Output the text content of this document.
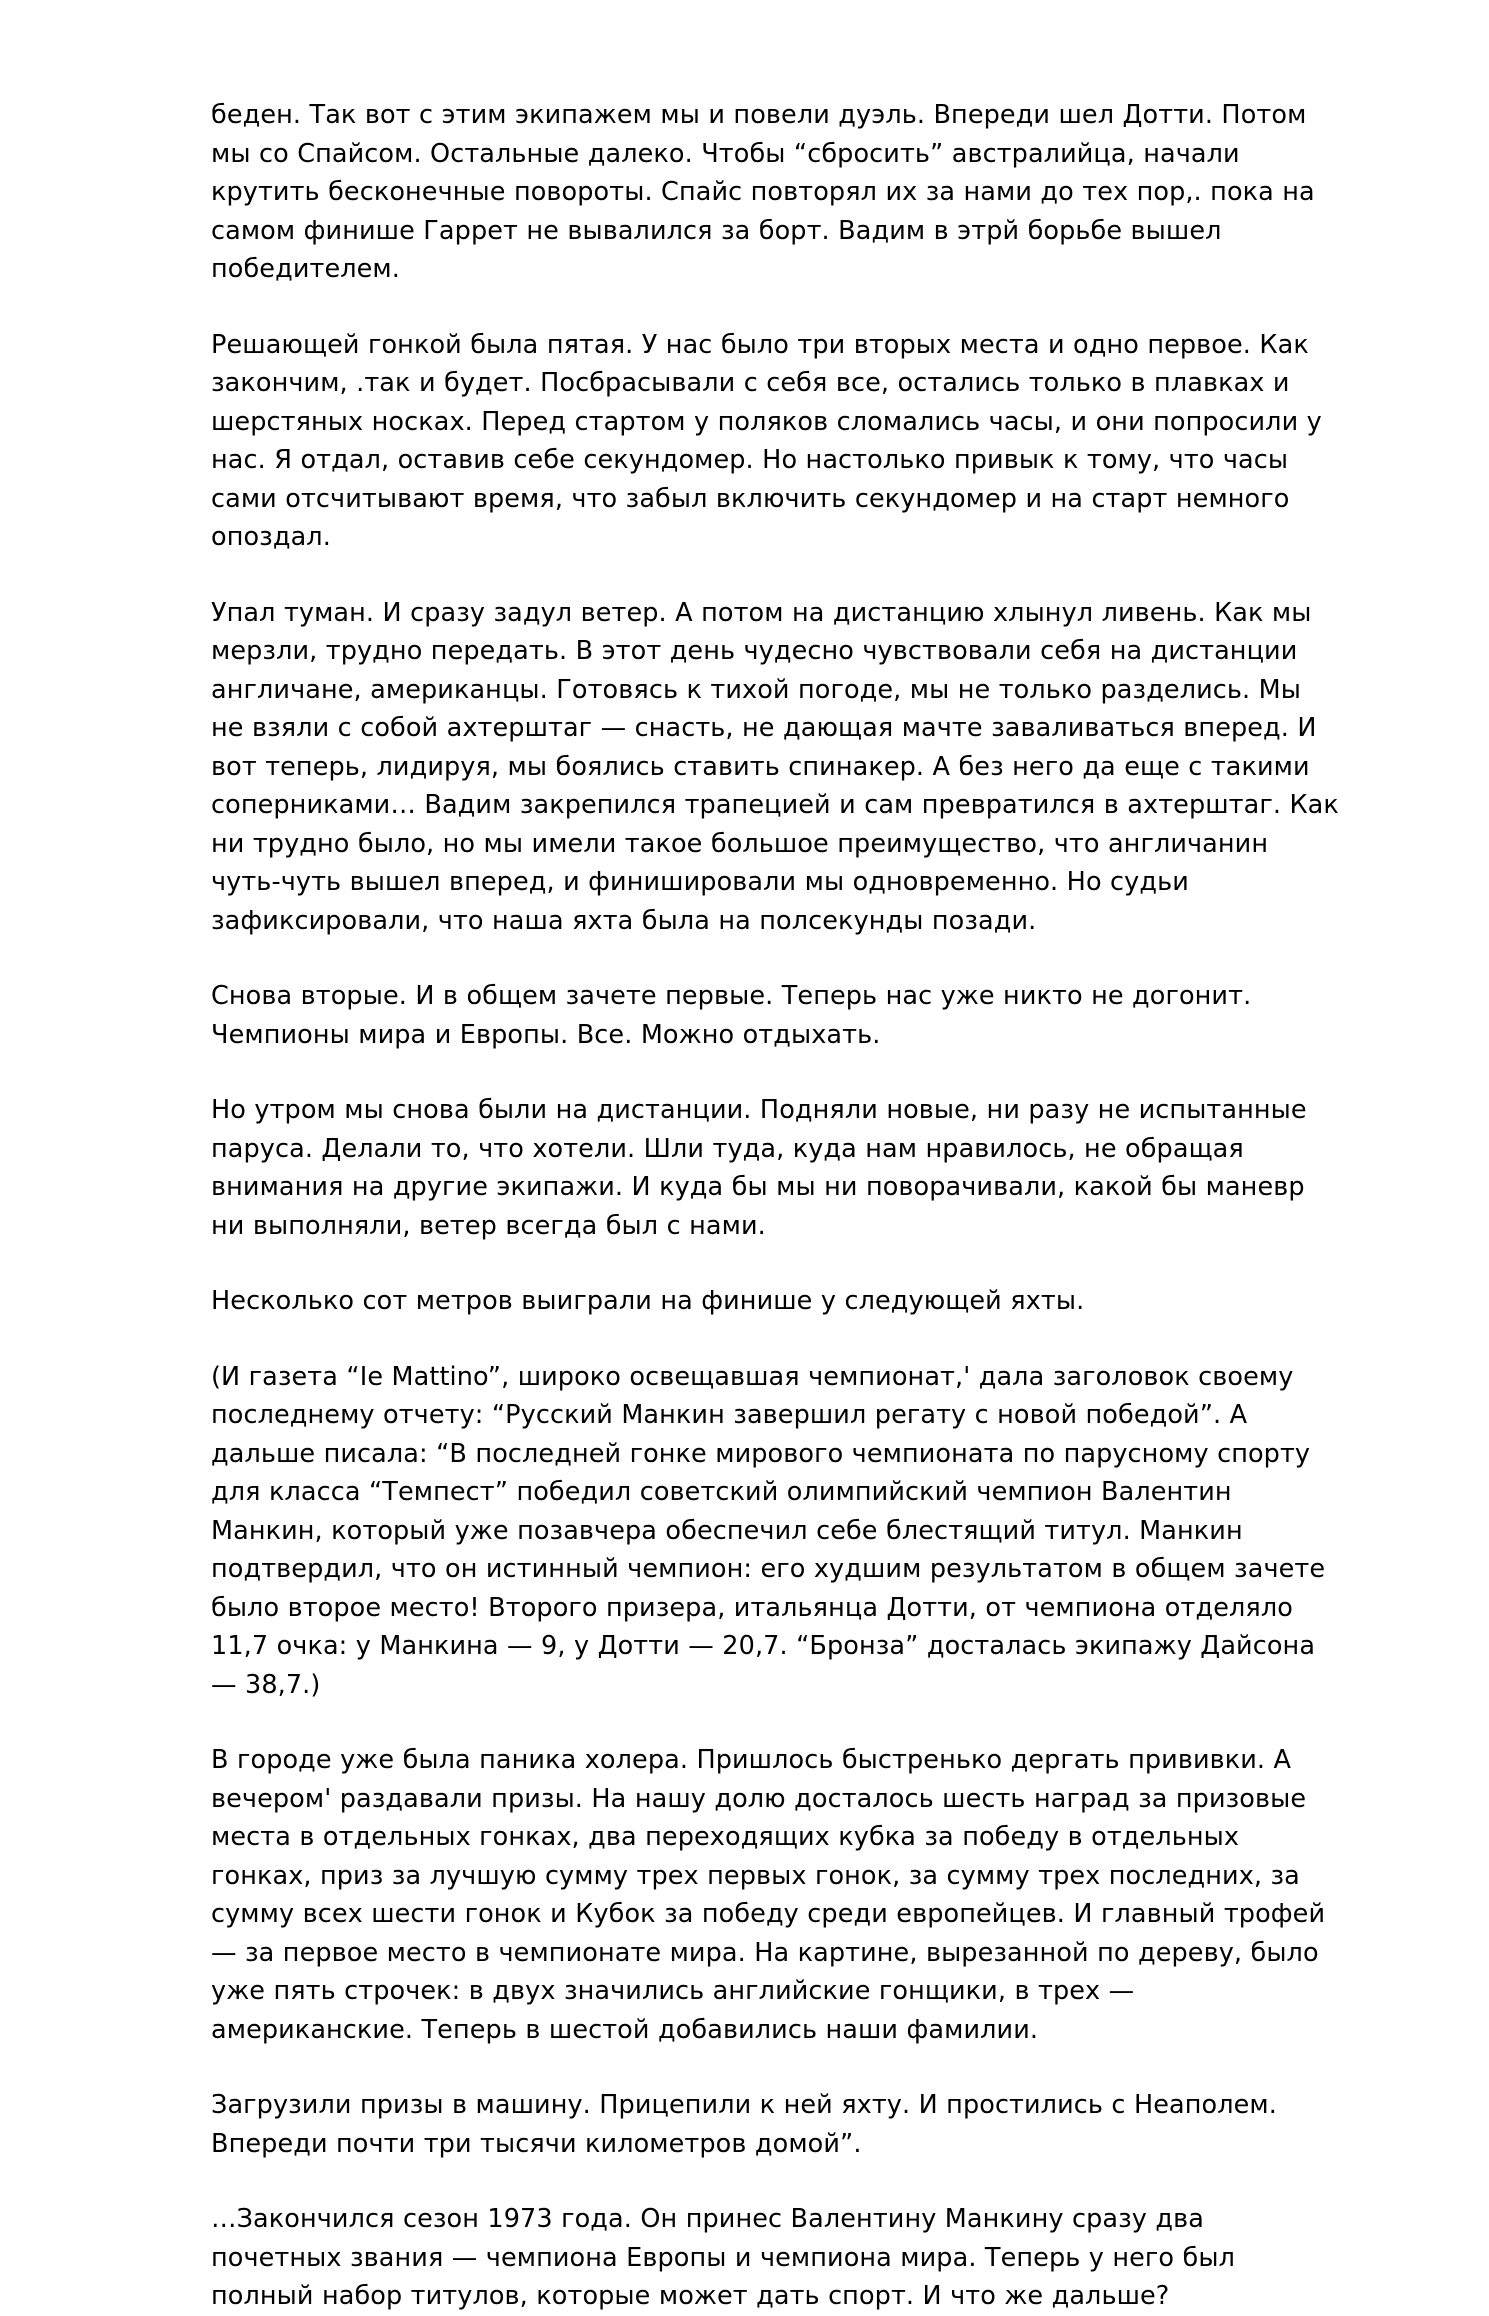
беден. Так вот с этим экипажем мы и повели дуэль. Впереди шел Дотти. Потом мы со Спайсом. Остальные далеко. Чтобы “сбросить” австралийца, начали крутить бесконечные повороты. Спайс повторял их за нами до тех пор,. пока на самом финише Гаррет не вывалился за борт. Вадим в этрй борьбе вышел победителем.

Решающей гонкой была пятая. У нас было три вторых места и одно первое. Как закончим, .так и будет. Посбрасывали с себя все, остались только в плавках и шерстяных носках. Перед стартом у поляков сломались часы, и они попросили у нас. Я отдал, оставив себе секундомер. Но настолько привык к тому, что часы сами отсчитывают время, что забыл включить секундомер и на старт немного опоздал.

Упал туман. И сразу задул ветер. А потом на дистанцию хлынул ливень. Как мы мерзли, трудно передать. В этот день чудесно чувствовали себя на дистанции англичане, американцы. Готовясь к тихой погоде, мы не только разделись. Мы не взяли с собой ахтерштаг — снасть, не дающая мачте заваливаться вперед. И вот теперь, лидируя, мы боялись ставить спинакер. А без него да еще с такими соперниками… Вадим закрепился трапецией и сам превратился в ахтерштаг. Как ни трудно было, но мы имели такое большое преимущество, что англичанин чуть-чуть вышел вперед, и финишировали мы одновременно. Но судьи зафиксировали, что наша яхта была на полсекунды позади.

Снова вторые. И в общем зачете первые. Теперь нас уже никто не догонит. Чемпионы мира и Европы. Все. Можно отдыхать.

Но утром мы снова были на дистанции. Подняли новые, ни разу не испытанные паруса. Делали то, что хотели. Шли туда, куда нам нравилось, не обращая внимания на другие экипажи. И куда бы мы ни поворачивали, какой бы маневр ни выполняли, ветер всегда был с нами.

Несколько сот метров выиграли на финише у следующей яхты.

(И газета “Ie Mattino”, широко освещавшая чемпионат,' дала заголовок своему последнему отчету: “Русский Манкин завершил регату с новой победой”. А дальше писала: “В последней гонке мирового чемпионата по парусному спорту для класса “Темпест” победил советский олимпийский чемпион Валентин Манкин, который уже позавчера обеспечил себе блестящий титул. Манкин подтвердил, что он истинный чемпион: его худшим результатом в общем зачете было второе место! Второго призера, итальянца Дотти, от чемпиона отделяло 11,7 очка: у Манкина — 9, у Дотти — 20,7. “Бронза” досталась экипажу Дайсона — 38,7.)

В городе уже была паника холера. Пришлось быстренько дергать прививки. А вечером' раздавали призы. На нашу долю досталось шесть наград за призовые места в отдельных гонках, два переходящих кубка за победу в отдельных гонках, приз за лучшую сумму трех первых гонок, за сумму трех последних, за сумму всех шести гонок и Кубок за победу среди европейцев. И главный трофей — за первое место в чемпионате мира. На картине, вырезанной по дереву, было уже пять строчек: в двух значились английские гонщики, в трех — американские. Теперь в шестой добавились наши фамилии.

Загрузили призы в машину. Прицепили к ней яхту. И простились с Неаполем. Впереди почти три тысячи километров домой”.

…Закончился сезон 1973 года. Он принес Валентину Манкину сразу два почетных звания — чемпиона Европы и чемпиона мира. Теперь у него был полный набор титулов, которые может дать спорт. И что же дальше?
